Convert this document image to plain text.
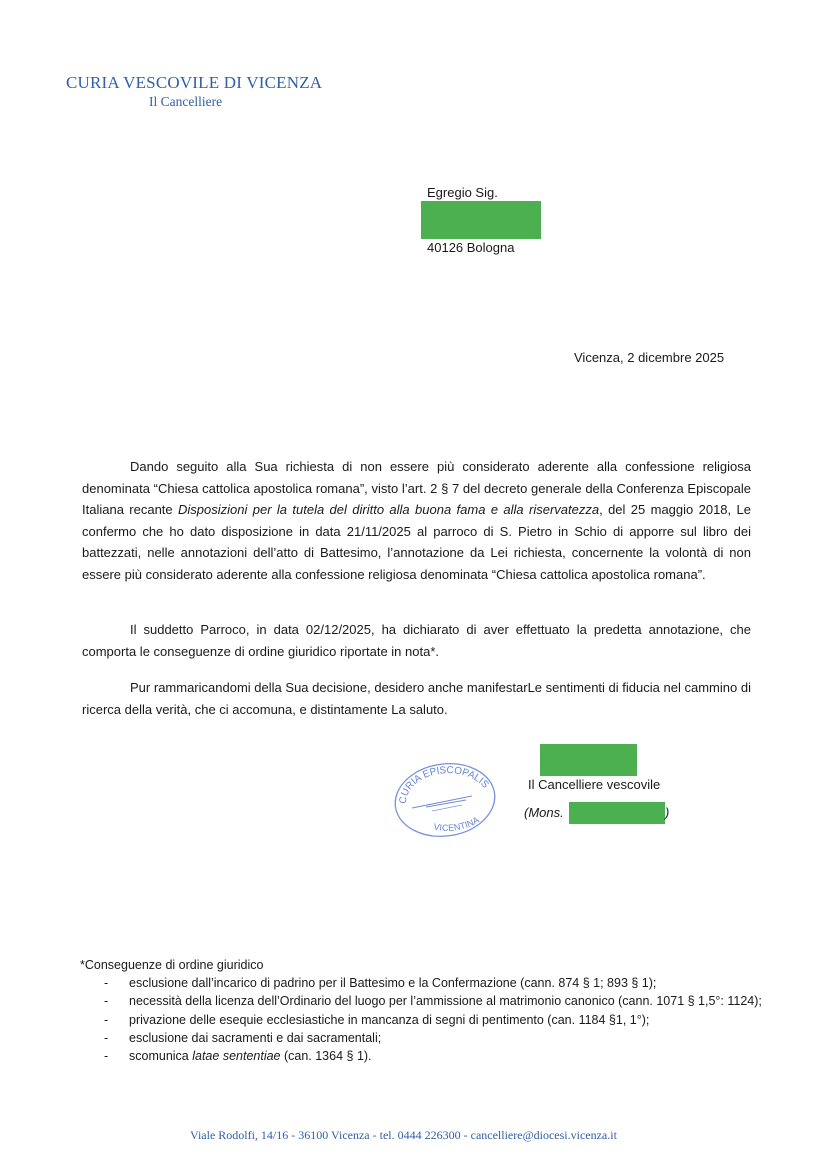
CURIA VESCOVILE DI VICENZA
Il Cancelliere
Egregio Sig.
40126 Bologna
Vicenza, 2 dicembre 2025

Dando seguito alla Sua richiesta di non essere più considerato aderente alla confessione religiosa denominata “Chiesa cattolica apostolica romana”, visto l’art. 2 § 7 del decreto generale della Conferenza Episcopale Italiana recante Disposizioni per la tutela del diritto alla buona fama e alla riservatezza, del 25 maggio 2018, Le confermo che ho dato disposizione in data 21/11/2025 al parroco di S. Pietro in Schio di apporre sul libro dei battezzati, nelle annotazioni dell’atto di Battesimo, l’annotazione da Lei richiesta, concernente la volontà di non essere più considerato aderente alla confessione religiosa denominata “Chiesa cattolica apostolica romana”.

Il suddetto Parroco, in data 02/12/2025, ha dichiarato di aver effettuato la predetta annotazione, che comporta le conseguenze di ordine giuridico riportate in nota*.

Pur rammaricandomi della Sua decisione, desidero anche manifestarLe sentimenti di fiducia nel cammino di ricerca della verità, che ci accomuna, e distintamente La saluto.

Il Cancelliere vescovile
(Mons.	)
CURIA EPISCOPALIS
VICENTINA
*Conseguenze di ordine giuridico
- esclusione dall’incarico di padrino per il Battesimo e la Confermazione (cann. 874 § 1; 893 § 1);
- necessità della licenza dell’Ordinario del luogo per l’ammissione al matrimonio canonico (cann. 1071 § 1,5°: 1124);
- privazione delle esequie ecclesiastiche in mancanza di segni di pentimento (can. 1184 §1, 1°);
- esclusione dai sacramenti e dai sacramentali;
- scomunica latae sententiae (can. 1364 § 1).
Viale Rodolfi, 14/16 - 36100 Vicenza - tel. 0444 226300 - cancelliere@diocesi.vicenza.it
